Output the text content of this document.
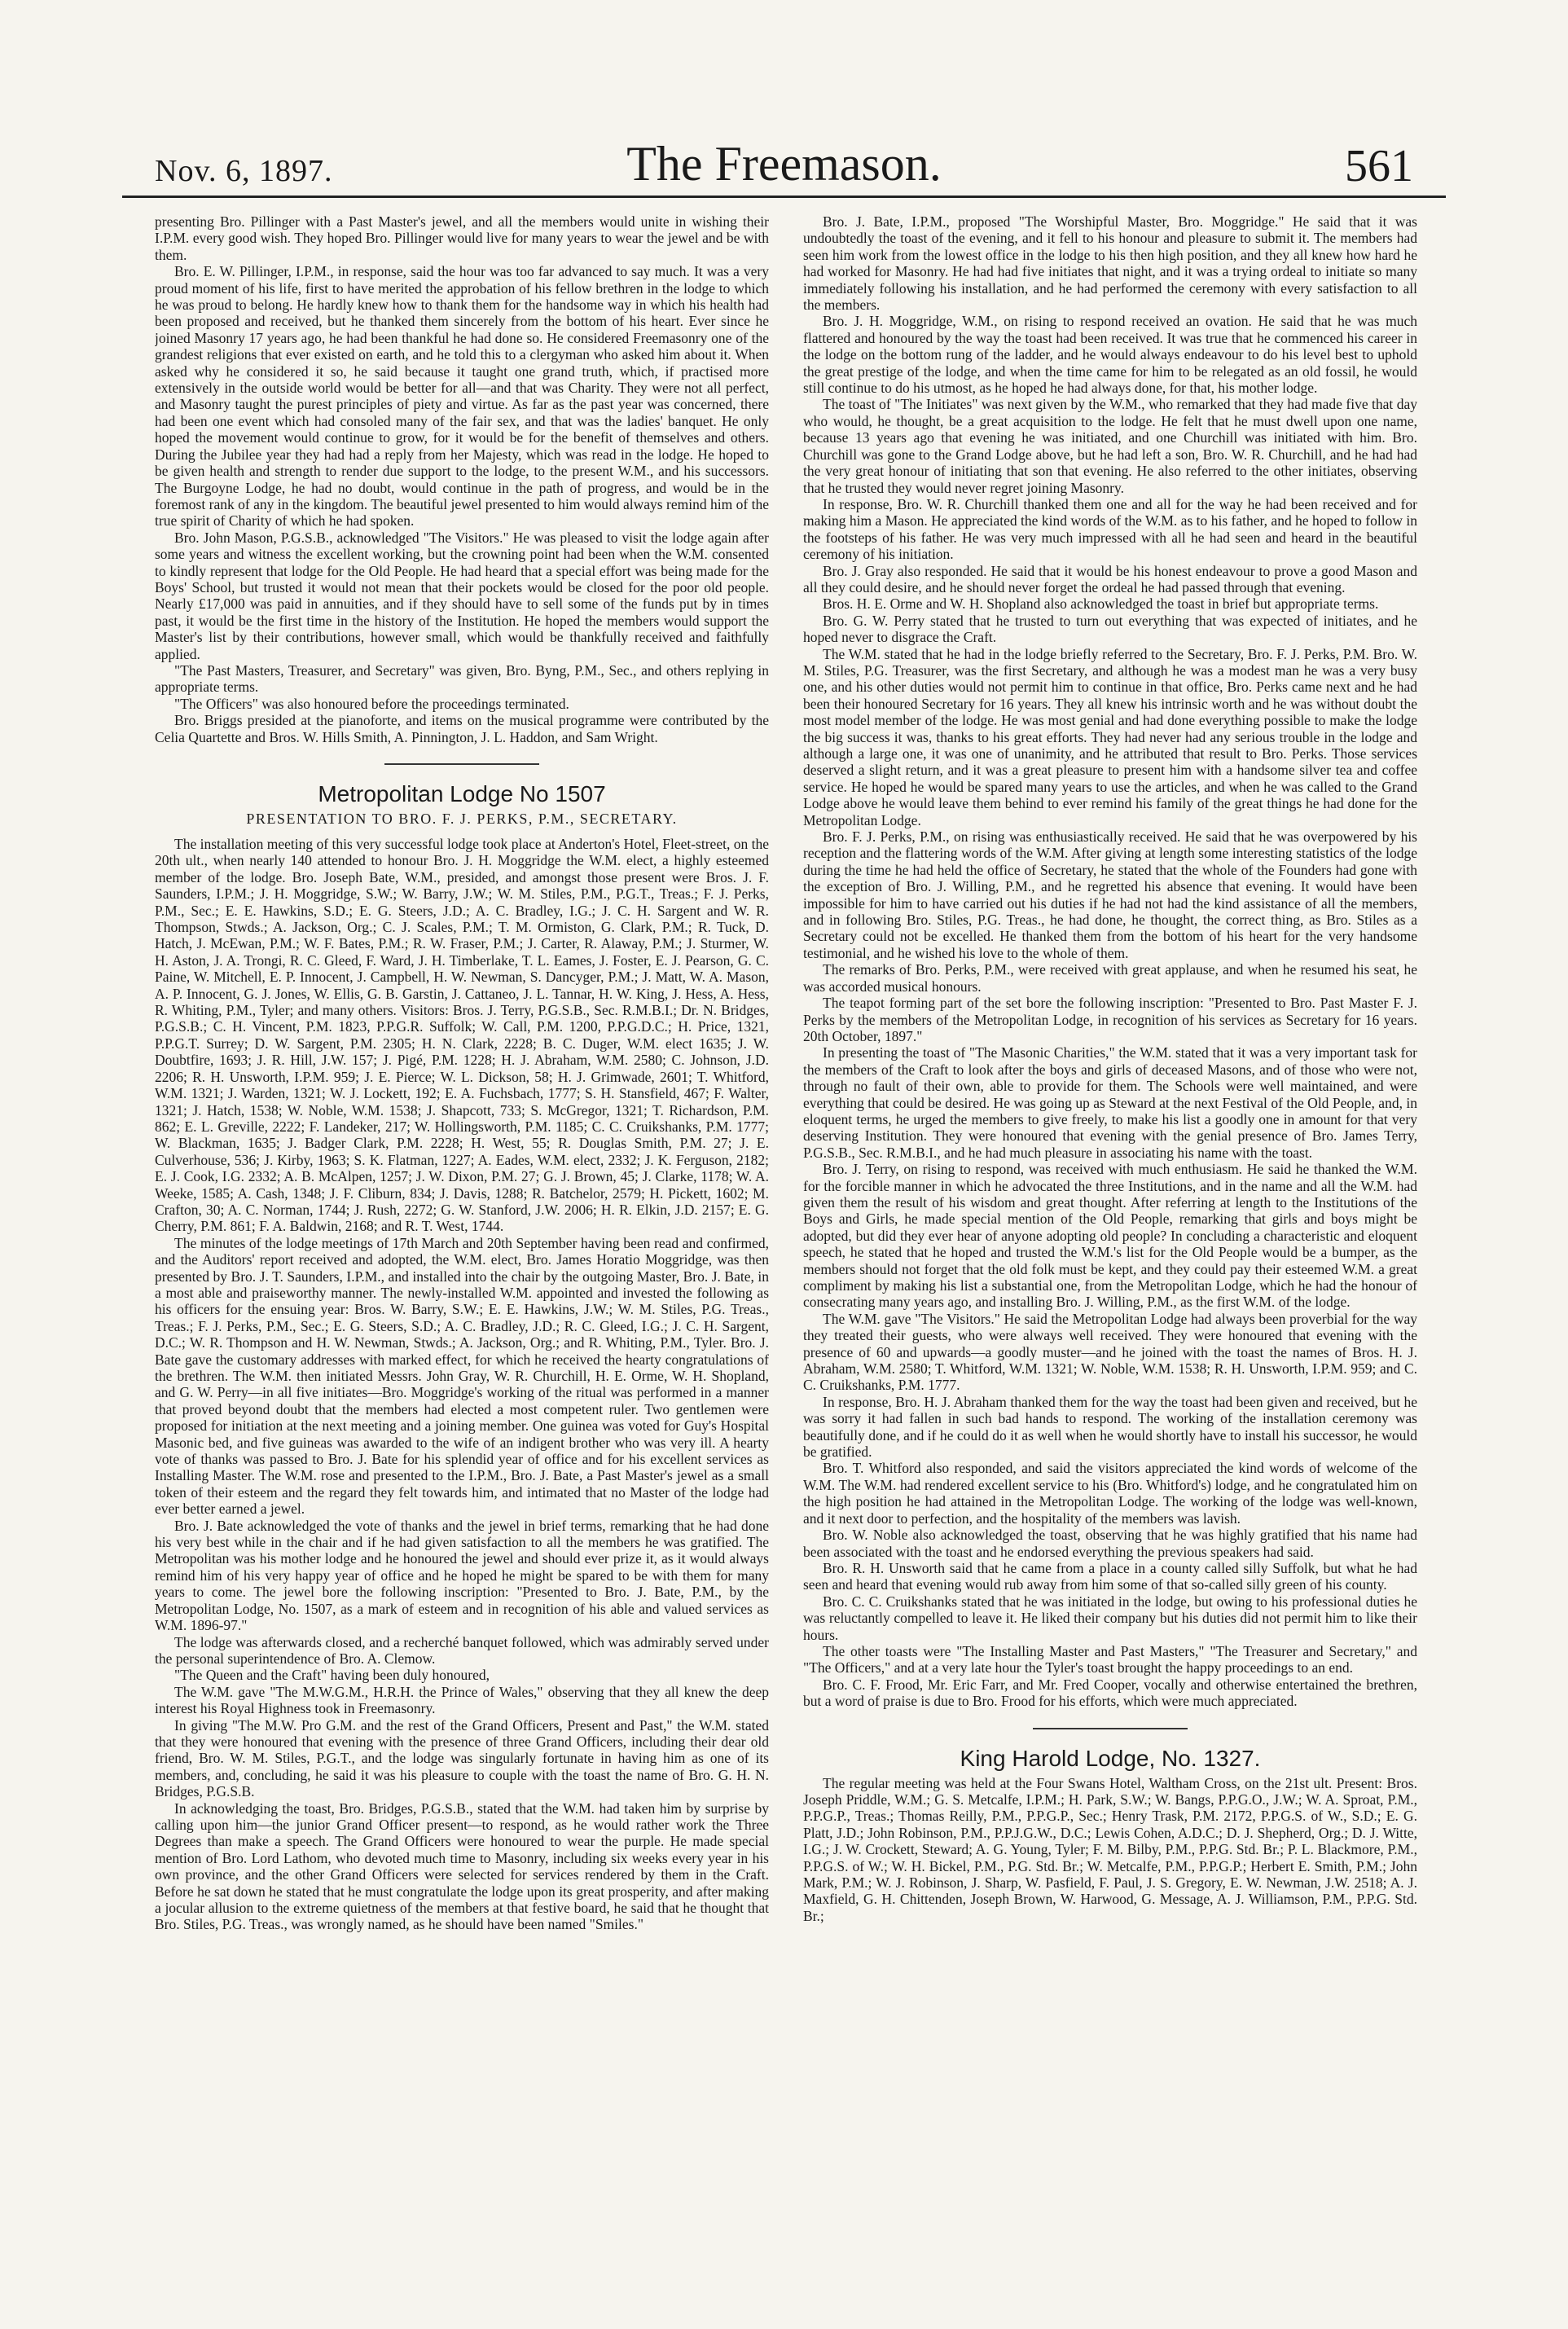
Nov. 6, 1897.	The Freemason.	561

presenting Bro. Pillinger with a Past Master's jewel, and all the members would unite in wishing their I.P.M. every good wish. They hoped Bro. Pillinger would live for many years to wear the jewel and be with them.

Bro. E. W. Pillinger, I.P.M., in response, said the hour was too far advanced to say much. It was a very proud moment of his life, first to have merited the approbation of his fellow brethren in the lodge to which he was proud to belong. He hardly knew how to thank them for the handsome way in which his health had been proposed and received, but he thanked them sincerely from the bottom of his heart. Ever since he joined Masonry 17 years ago, he had been thankful he had done so. He considered Freemasonry one of the grandest religions that ever existed on earth, and he told this to a clergyman who asked him about it. When asked why he considered it so, he said because it taught one grand truth, which, if practised more extensively in the outside world would be better for all—and that was Charity. They were not all perfect, and Masonry taught the purest principles of piety and virtue. As far as the past year was concerned, there had been one event which had consoled many of the fair sex, and that was the ladies' banquet. He only hoped the movement would continue to grow, for it would be for the benefit of themselves and others. During the Jubilee year they had had a reply from her Majesty, which was read in the lodge. He hoped to be given health and strength to render due support to the lodge, to the present W.M., and his successors. The Burgoyne Lodge, he had no doubt, would continue in the path of progress, and would be in the foremost rank of any in the kingdom. The beautiful jewel presented to him would always remind him of the true spirit of Charity of which he had spoken.

Bro. John Mason, P.G.S.B., acknowledged "The Visitors." He was pleased to visit the lodge again after some years and witness the excellent working, but the crowning point had been when the W.M. consented to kindly represent that lodge for the Old People. He had heard that a special effort was being made for the Boys' School, but trusted it would not mean that their pockets would be closed for the poor old people. Nearly £17,000 was paid in annuities, and if they should have to sell some of the funds put by in times past, it would be the first time in the history of the Institution. He hoped the members would support the Master's list by their contributions, however small, which would be thankfully received and faithfully applied.

"The Past Masters, Treasurer, and Secretary" was given, Bro. Byng, P.M., Sec., and others replying in appropriate terms.

"The Officers" was also honoured before the proceedings terminated.

Bro. Briggs presided at the pianoforte, and items on the musical programme were contributed by the Celia Quartette and Bros. W. Hills Smith, A. Pinnington, J. L. Haddon, and Sam Wright.

Metropolitan Lodge No 1507
PRESENTATION TO BRO. F. J. PERKS, P.M., SECRETARY.

The installation meeting of this very successful lodge took place at Anderton's Hotel, Fleet-street, on the 20th ult., when nearly 140 attended to honour Bro. J. H. Moggridge the W.M. elect, a highly esteemed member of the lodge. Bro. Joseph Bate, W.M., presided, and amongst those present were Bros. J. F. Saunders, I.P.M.; J. H. Moggridge, S.W.; W. Barry, J.W.; W. M. Stiles, P.M., P.G.T., Treas.; F. J. Perks, P.M., Sec.; E. E. Hawkins, S.D.; E. G. Steers, J.D.; A. C. Bradley, I.G.; J. C. H. Sargent and W. R. Thompson, Stwds.; A. Jackson, Org.; C. J. Scales, P.M.; T. M. Ormiston, G. Clark, P.M.; R. Tuck, D. Hatch, J. McEwan, P.M.; W. F. Bates, P.M.; R. W. Fraser, P.M.; J. Carter, R. Alaway, P.M.; J. Sturmer, W. H. Aston, J. A. Trongi, R. C. Gleed, F. Ward, J. H. Timberlake, T. L. Eames, J. Foster, E. J. Pearson, G. C. Paine, W. Mitchell, E. P. Innocent, J. Campbell, H. W. Newman, S. Dancyger, P.M.; J. Matt, W. A. Mason, A. P. Innocent, G. J. Jones, W. Ellis, G. B. Garstin, J. Cattaneo, J. L. Tannar, H. W. King, J. Hess, A. Hess, R. Whiting, P.M., Tyler; and many others. Visitors: Bros. J. Terry, P.G.S.B., Sec. R.M.B.I.; Dr. N. Bridges, P.G.S.B.; C. H. Vincent, P.M. 1823, P.P.G.R. Suffolk; W. Call, P.M. 1200, P.P.G.D.C.; H. Price, 1321, P.P.G.T. Surrey; D. W. Sargent, P.M. 2305; H. N. Clark, 2228; B. C. Duger, W.M. elect 1635; J. W. Doubtfire, 1693; J. R. Hill, J.W. 157; J. Pigé, P.M. 1228; H. J. Abraham, W.M. 2580; C. Johnson, J.D. 2206; R. H. Unsworth, I.P.M. 959; J. E. Pierce; W. L. Dickson, 58; H. J. Grimwade, 2601; T. Whitford, W.M. 1321; J. Warden, 1321; W. J. Lockett, 192; E. A. Fuchsbach, 1777; S. H. Stansfield, 467; F. Walter, 1321; J. Hatch, 1538; W. Noble, W.M. 1538; J. Shapcott, 733; S. McGregor, 1321; T. Richardson, P.M. 862; E. L. Greville, 2222; F. Landeker, 217; W. Hollingsworth, P.M. 1185; C. C. Cruikshanks, P.M. 1777; W. Blackman, 1635; J. Badger Clark, P.M. 2228; H. West, 55; R. Douglas Smith, P.M. 27; J. E. Culverhouse, 536; J. Kirby, 1963; S. K. Flatman, 1227; A. Eades, W.M. elect, 2332; J. K. Ferguson, 2182; E. J. Cook, I.G. 2332; A. B. McAlpen, 1257; J. W. Dixon, P.M. 27; G. J. Brown, 45; J. Clarke, 1178; W. A. Weeke, 1585; A. Cash, 1348; J. F. Cliburn, 834; J. Davis, 1288; R. Batchelor, 2579; H. Pickett, 1602; M. Crafton, 30; A. C. Norman, 1744; J. Rush, 2272; G. W. Stanford, J.W. 2006; H. R. Elkin, J.D. 2157; E. G. Cherry, P.M. 861; F. A. Baldwin, 2168; and R. T. West, 1744.

The minutes of the lodge meetings of 17th March and 20th September having been read and confirmed, and the Auditors' report received and adopted, the W.M. elect, Bro. James Horatio Moggridge, was then presented by Bro. J. T. Saunders, I.P.M., and installed into the chair by the outgoing Master, Bro. J. Bate, in a most able and praiseworthy manner. The newly-installed W.M. appointed and invested the following as his officers for the ensuing year: Bros. W. Barry, S.W.; E. E. Hawkins, J.W.; W. M. Stiles, P.G. Treas., Treas.; F. J. Perks, P.M., Sec.; E. G. Steers, S.D.; A. C. Bradley, J.D.; R. C. Gleed, I.G.; J. C. H. Sargent, D.C.; W. R. Thompson and H. W. Newman, Stwds.; A. Jackson, Org.; and R. Whiting, P.M., Tyler. Bro. J. Bate gave the customary addresses with marked effect, for which he received the hearty congratulations of the brethren. The W.M. then initiated Messrs. John Gray, W. R. Churchill, H. E. Orme, W. H. Shopland, and G. W. Perry—in all five initiates—Bro. Moggridge's working of the ritual was performed in a manner that proved beyond doubt that the members had elected a most competent ruler. Two gentlemen were proposed for initiation at the next meeting and a joining member. One guinea was voted for Guy's Hospital Masonic bed, and five guineas was awarded to the wife of an indigent brother who was very ill. A hearty vote of thanks was passed to Bro. J. Bate for his splendid year of office and for his excellent services as Installing Master. The W.M. rose and presented to the I.P.M., Bro. J. Bate, a Past Master's jewel as a small token of their esteem and the regard they felt towards him, and intimated that no Master of the lodge had ever better earned a jewel.

Bro. J. Bate acknowledged the vote of thanks and the jewel in brief terms, remarking that he had done his very best while in the chair and if he had given satisfaction to all the members he was gratified. The Metropolitan was his mother lodge and he honoured the jewel and should ever prize it, as it would always remind him of his very happy year of office and he hoped he might be spared to be with them for many years to come. The jewel bore the following inscription: "Presented to Bro. J. Bate, P.M., by the Metropolitan Lodge, No. 1507, as a mark of esteem and in recognition of his able and valued services as W.M. 1896-97."

The lodge was afterwards closed, and a recherché banquet followed, which was admirably served under the personal superintendence of Bro. A. Clemow.

"The Queen and the Craft" having been duly honoured,

The W.M. gave "The M.W.G.M., H.R.H. the Prince of Wales," observing that they all knew the deep interest his Royal Highness took in Freemasonry.

In giving "The M.W. Pro G.M. and the rest of the Grand Officers, Present and Past," the W.M. stated that they were honoured that evening with the presence of three Grand Officers, including their dear old friend, Bro. W. M. Stiles, P.G.T., and the lodge was singularly fortunate in having him as one of its members, and, concluding, he said it was his pleasure to couple with the toast the name of Bro. G. H. N. Bridges, P.G.S.B.

In acknowledging the toast, Bro. Bridges, P.G.S.B., stated that the W.M. had taken him by surprise by calling upon him—the junior Grand Officer present—to respond, as he would rather work the Three Degrees than make a speech. The Grand Officers were honoured to wear the purple. He made special mention of Bro. Lord Lathom, who devoted much time to Masonry, including six weeks every year in his own province, and the other Grand Officers were selected for services rendered by them in the Craft. Before he sat down he stated that he must congratulate the lodge upon its great prosperity, and after making a jocular allusion to the extreme quietness of the members at that festive board, he said that he thought that Bro. Stiles, P.G. Treas., was wrongly named, as he should have been named "Smiles."

Bro. J. Bate, I.P.M., proposed "The Worshipful Master, Bro. Moggridge." He said that it was undoubtedly the toast of the evening, and it fell to his honour and pleasure to submit it. The members had seen him work from the lowest office in the lodge to his then high position, and they all knew how hard he had worked for Masonry. He had had five initiates that night, and it was a trying ordeal to initiate so many immediately following his installation, and he had performed the ceremony with every satisfaction to all the members.

Bro. J. H. Moggridge, W.M., on rising to respond received an ovation. He said that he was much flattered and honoured by the way the toast had been received. It was true that he commenced his career in the lodge on the bottom rung of the ladder, and he would always endeavour to do his level best to uphold the great prestige of the lodge, and when the time came for him to be relegated as an old fossil, he would still continue to do his utmost, as he hoped he had always done, for that, his mother lodge.

The toast of "The Initiates" was next given by the W.M., who remarked that they had made five that day who would, he thought, be a great acquisition to the lodge. He felt that he must dwell upon one name, because 13 years ago that evening he was initiated, and one Churchill was initiated with him. Bro. Churchill was gone to the Grand Lodge above, but he had left a son, Bro. W. R. Churchill, and he had had the very great honour of initiating that son that evening. He also referred to the other initiates, observing that he trusted they would never regret joining Masonry.

In response, Bro. W. R. Churchill thanked them one and all for the way he had been received and for making him a Mason. He appreciated the kind words of the W.M. as to his father, and he hoped to follow in the footsteps of his father. He was very much impressed with all he had seen and heard in the beautiful ceremony of his initiation.

Bro. J. Gray also responded. He said that it would be his honest endeavour to prove a good Mason and all they could desire, and he should never forget the ordeal he had passed through that evening.

Bros. H. E. Orme and W. H. Shopland also acknowledged the toast in brief but appropriate terms.

Bro. G. W. Perry stated that he trusted to turn out everything that was expected of initiates, and he hoped never to disgrace the Craft.

The W.M. stated that he had in the lodge briefly referred to the Secretary, Bro. F. J. Perks, P.M. Bro. W. M. Stiles, P.G. Treasurer, was the first Secretary, and although he was a modest man he was a very busy one, and his other duties would not permit him to continue in that office, Bro. Perks came next and he had been their honoured Secretary for 16 years. They all knew his intrinsic worth and he was without doubt the most model member of the lodge. He was most genial and had done everything possible to make the lodge the big success it was, thanks to his great efforts. They had never had any serious trouble in the lodge and although a large one, it was one of unanimity, and he attributed that result to Bro. Perks. Those services deserved a slight return, and it was a great pleasure to present him with a handsome silver tea and coffee service. He hoped he would be spared many years to use the articles, and when he was called to the Grand Lodge above he would leave them behind to ever remind his family of the great things he had done for the Metropolitan Lodge.

Bro. F. J. Perks, P.M., on rising was enthusiastically received. He said that he was overpowered by his reception and the flattering words of the W.M. After giving at length some interesting statistics of the lodge during the time he had held the office of Secretary, he stated that the whole of the Founders had gone with the exception of Bro. J. Willing, P.M., and he regretted his absence that evening. It would have been impossible for him to have carried out his duties if he had not had the kind assistance of all the members, and in following Bro. Stiles, P.G. Treas., he had done, he thought, the correct thing, as Bro. Stiles as a Secretary could not be excelled. He thanked them from the bottom of his heart for the very handsome testimonial, and he wished his love to the whole of them.

The remarks of Bro. Perks, P.M., were received with great applause, and when he resumed his seat, he was accorded musical honours.

The teapot forming part of the set bore the following inscription: "Presented to Bro. Past Master F. J. Perks by the members of the Metropolitan Lodge, in recognition of his services as Secretary for 16 years. 20th October, 1897."

In presenting the toast of "The Masonic Charities," the W.M. stated that it was a very important task for the members of the Craft to look after the boys and girls of deceased Masons, and of those who were not, through no fault of their own, able to provide for them. The Schools were well maintained, and were everything that could be desired. He was going up as Steward at the next Festival of the Old People, and, in eloquent terms, he urged the members to give freely, to make his list a goodly one in amount for that very deserving Institution. They were honoured that evening with the genial presence of Bro. James Terry, P.G.S.B., Sec. R.M.B.I., and he had much pleasure in associating his name with the toast.

Bro. J. Terry, on rising to respond, was received with much enthusiasm. He said he thanked the W.M. for the forcible manner in which he advocated the three Institutions, and in the name and all the W.M. had given them the result of his wisdom and great thought. After referring at length to the Institutions of the Boys and Girls, he made special mention of the Old People, remarking that girls and boys might be adopted, but did they ever hear of anyone adopting old people? In concluding a characteristic and eloquent speech, he stated that he hoped and trusted the W.M.'s list for the Old People would be a bumper, as the members should not forget that the old folk must be kept, and they could pay their esteemed W.M. a great compliment by making his list a substantial one, from the Metropolitan Lodge, which he had the honour of consecrating many years ago, and installing Bro. J. Willing, P.M., as the first W.M. of the lodge.

The W.M. gave "The Visitors." He said the Metropolitan Lodge had always been proverbial for the way they treated their guests, who were always well received. They were honoured that evening with the presence of 60 and upwards—a goodly muster—and he joined with the toast the names of Bros. H. J. Abraham, W.M. 2580; T. Whitford, W.M. 1321; W. Noble, W.M. 1538; R. H. Unsworth, I.P.M. 959; and C. C. Cruikshanks, P.M. 1777.

In response, Bro. H. J. Abraham thanked them for the way the toast had been given and received, but he was sorry it had fallen in such bad hands to respond. The working of the installation ceremony was beautifully done, and if he could do it as well when he would shortly have to install his successor, he would be gratified.

Bro. T. Whitford also responded, and said the visitors appreciated the kind words of welcome of the W.M. The W.M. had rendered excellent service to his (Bro. Whitford's) lodge, and he congratulated him on the high position he had attained in the Metropolitan Lodge. The working of the lodge was well-known, and it next door to perfection, and the hospitality of the members was lavish.

Bro. W. Noble also acknowledged the toast, observing that he was highly gratified that his name had been associated with the toast and he endorsed everything the previous speakers had said.

Bro. R. H. Unsworth said that he came from a place in a county called silly Suffolk, but what he had seen and heard that evening would rub away from him some of that so-called silly green of his county.

Bro. C. C. Cruikshanks stated that he was initiated in the lodge, but owing to his professional duties he was reluctantly compelled to leave it. He liked their company but his duties did not permit him to like their hours.

The other toasts were "The Installing Master and Past Masters," "The Treasurer and Secretary," and "The Officers," and at a very late hour the Tyler's toast brought the happy proceedings to an end.

Bro. C. F. Frood, Mr. Eric Farr, and Mr. Fred Cooper, vocally and otherwise entertained the brethren, but a word of praise is due to Bro. Frood for his efforts, which were much appreciated.

King Harold Lodge, No. 1327.

The regular meeting was held at the Four Swans Hotel, Waltham Cross, on the 21st ult. Present: Bros. Joseph Priddle, W.M.; G. S. Metcalfe, I.P.M.; H. Park, S.W.; W. Bangs, P.P.G.O., J.W.; W. A. Sproat, P.M., P.P.G.P., Treas.; Thomas Reilly, P.M., P.P.G.P., Sec.; Henry Trask, P.M. 2172, P.P.G.S. of W., S.D.; E. G. Platt, J.D.; John Robinson, P.M., P.P.J.G.W., D.C.; Lewis Cohen, A.D.C.; D. J. Shepherd, Org.; D. J. Witte, I.G.; J. W. Crockett, Steward; A. G. Young, Tyler; F. M. Bilby, P.M., P.P.G. Std. Br.; P. L. Blackmore, P.M., P.P.G.S. of W.; W. H. Bickel, P.M., P.G. Std. Br.; W. Metcalfe, P.M., P.P.G.P.; Herbert E. Smith, P.M.; John Mark, P.M.; W. J. Robinson, J. Sharp, W. Pasfield, F. Paul, J. S. Gregory, E. W. Newman, J.W. 2518; A. J. Maxfield, G. H. Chittenden, Joseph Brown, W. Harwood, G. Message, A. J. Williamson, P.M., P.P.G. Std. Br.;
